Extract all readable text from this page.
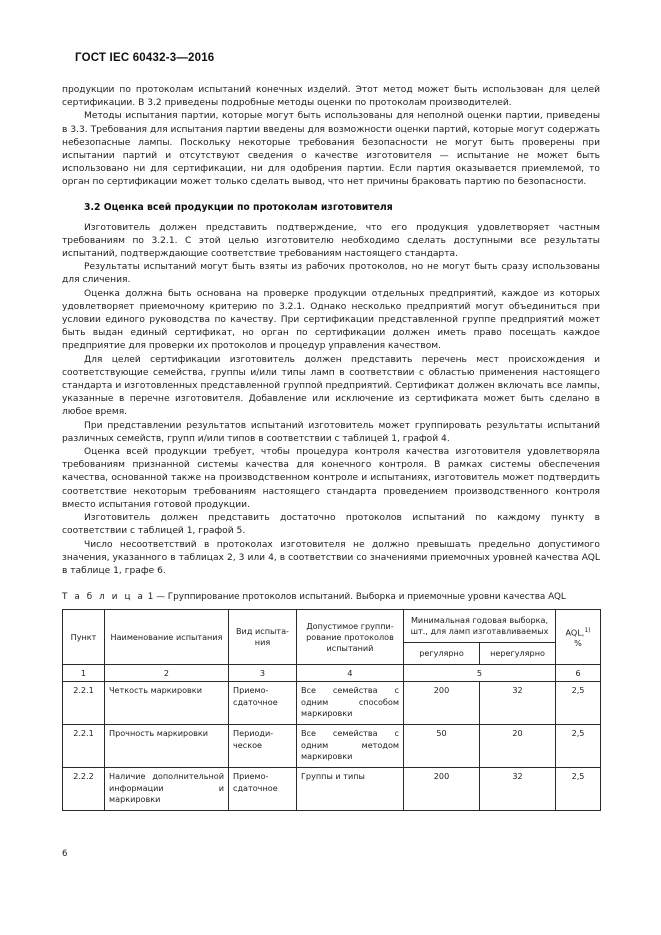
ГОСТ IEC 60432-3—2016

продукции по протоколам испытаний конечных изделий. Этот метод может быть использован для целей сертификации. В 3.2 приведены подробные методы оценки по протоколам производителей.

Методы испытания партии, которые могут быть использованы для неполной оценки партии, приведены в 3.3. Требования для испытания партии введены для возможности оценки партий, которые могут содержать небезопасные лампы. Поскольку некоторые требования безопасности не могут быть проверены при испытании партий и отсутствуют сведения о качестве изготовителя — испытание не может быть использовано ни для сертификации, ни для одобрения партии. Если партия оказывается приемлемой, то орган по сертификации может только сделать вывод, что нет причины браковать партию по безопасности.

3.2 Оценка всей продукции по протоколам изготовителя

Изготовитель должен представить подтверждение, что его продукция удовлетворяет частным требованиям по 3.2.1. С этой целью изготовителю необходимо сделать доступными все результаты испытаний, подтверждающие соответствие требованиям настоящего стандарта.

Результаты испытаний могут быть взяты из рабочих протоколов, но не могут быть сразу использованы для сличения.

Оценка должна быть основана на проверке продукции отдельных предприятий, каждое из которых удовлетворяет приемочному критерию по 3.2.1. Однако несколько предприятий могут объединиться при условии единого руководства по качеству. При сертификации представленной группе предприятий может быть выдан единый сертификат, но орган по сертификации должен иметь право посещать каждое предприятие для проверки их протоколов и процедур управления качеством.

Для целей сертификации изготовитель должен представить перечень мест происхождения и соответствующие семейства, группы и/или типы ламп в соответствии с областью применения настоящего стандарта и изготовленных представленной группой предприятий. Сертификат должен включать все лампы, указанные в перечне изготовителя. Добавление или исключение из сертификата может быть сделано в любое время.

При представлении результатов испытаний изготовитель может группировать результаты испытаний различных семейств, групп и/или типов в соответствии с таблицей 1, графой 4.

Оценка всей продукции требует, чтобы процедура контроля качества изготовителя удовлетворяла требованиям признанной системы качества для конечного контроля. В рамках системы обеспечения качества, основанной также на производственном контроле и испытаниях, изготовитель может подтвердить соответствие некоторым требованиям настоящего стандарта проведением производственного контроля вместо испытания готовой продукции.

Изготовитель должен представить достаточно протоколов испытаний по каждому пункту в соответствии с таблицей 1, графой 5.

Число несоответствий в протоколах изготовителя не должно превышать предельно допустимого значения, указанного в таблицах 2, 3 или 4, в соответствии со значениями приемочных уровней качества AQL в таблице 1, графе 6.

Т а б л и ц а 1 — Группирование протоколов испытаний. Выборка и приемочные уровни качества AQL
Пункт	Наименование испытания	Вид испыта-ния	Допустимое группи-рование протоколов испытаний	Минимальная годовая выборка, шт., для ламп изготавливаемых		AQL,$^{1)}$
%
				регулярно	нерегулярно	
1	2	3	4	5		6
2.2.1	Четкость маркировки	Приемо-сдаточное	Все семейства с одним способом маркировки	200	32	2,5
2.2.1	Прочность маркировки	Периоди-ческое	Все семейства с одним методом маркировки	50	20	2,5
2.2.2	Наличие дополнительной информации и маркировки	Приемо-сдаточное	Группы и типы	200	32	2,5
6
